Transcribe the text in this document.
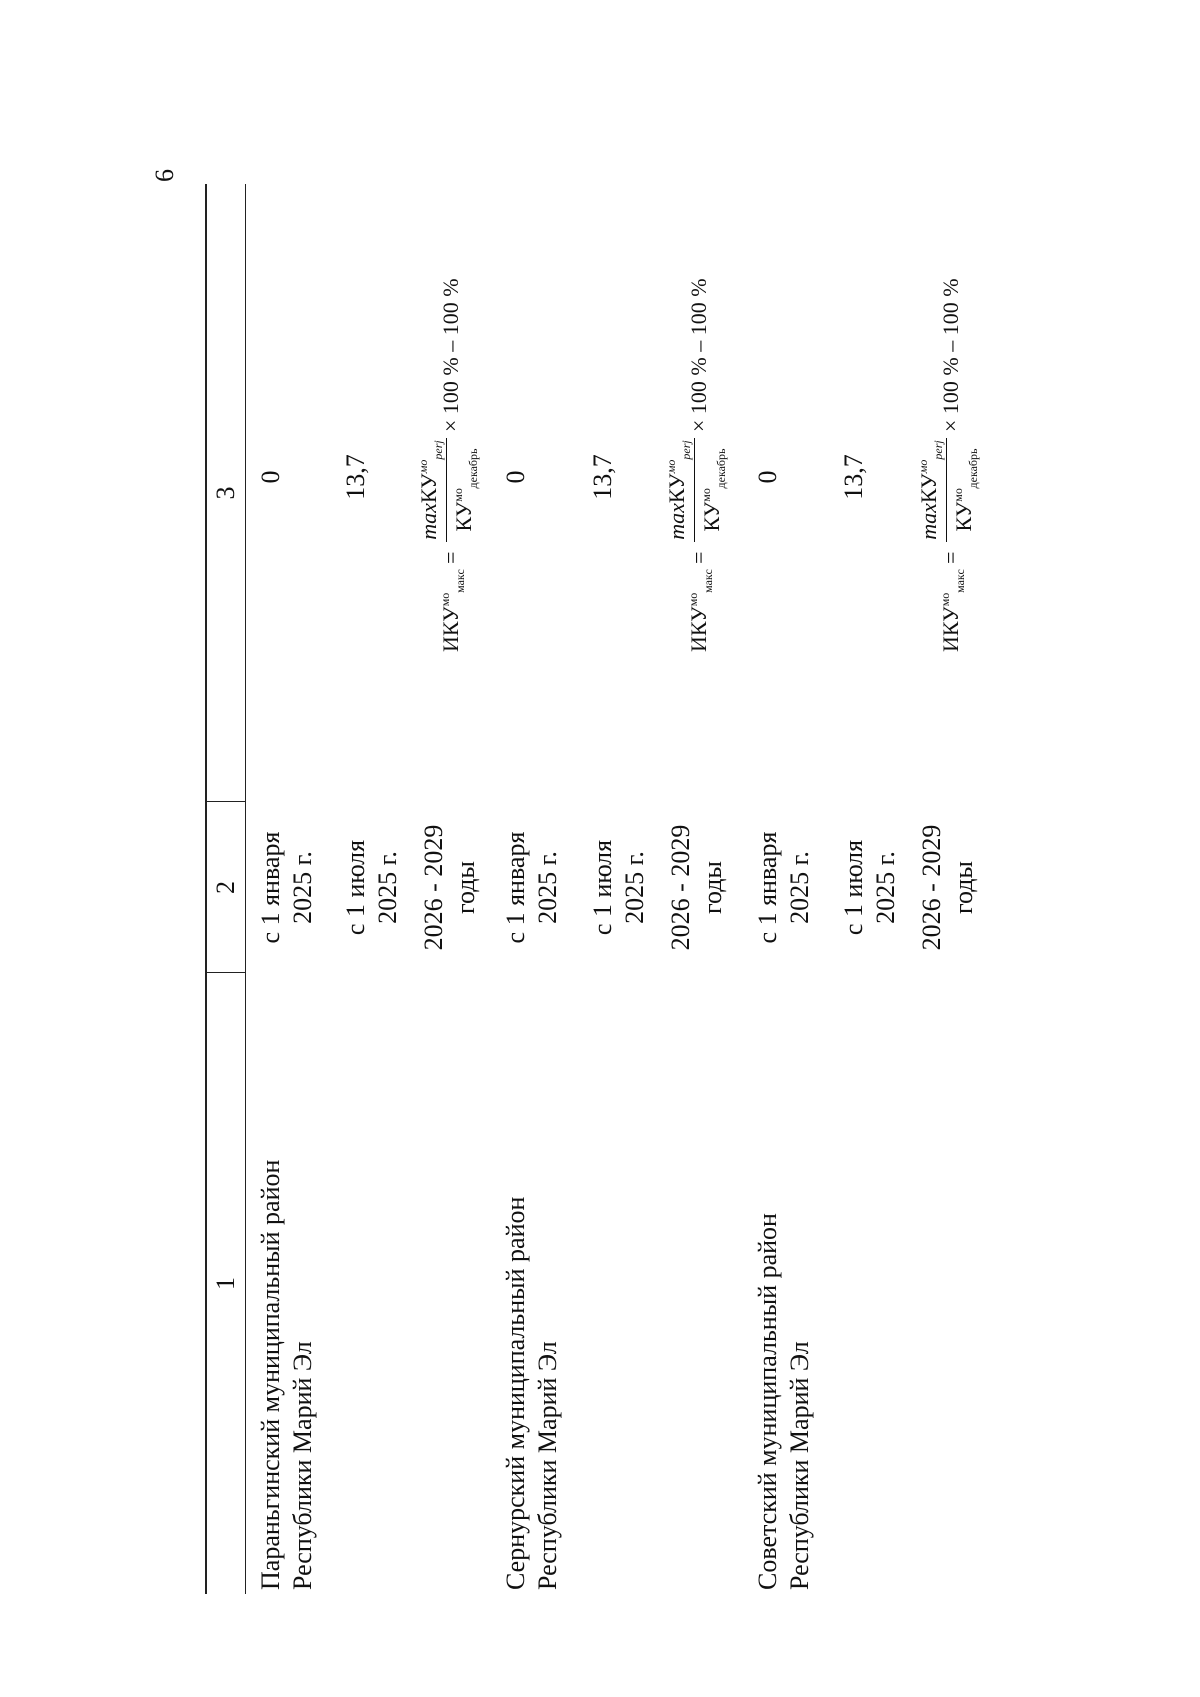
6
1
2
3
Параньгинский муниципальный район Республики Марий Эл
с 1 января 2025 г.
0
с 1 июля 2025 г.
13,7
2026 - 2029 годы
$ИКУ^{мо}_{макс}$
=
maxКУ$^{мо}_{perj}$
$КУ^{мо}_{декабрь}$
× 100 % – 100 %
Сернурский муниципальный район Республики Марий Эл
с 1 января 2025 г.
0
с 1 июля 2025 г.
13,7
2026 - 2029 годы
$ИКУ^{мо}_{макс}$
=
maxКУ$^{мо}_{perj}$
$КУ^{мо}_{декабрь}$
× 100 % – 100 %
Советский муниципальный район Республики Марий Эл
с 1 января 2025 г.
0
с 1 июля 2025 г.
13,7
2026 - 2029 годы
$ИКУ^{мо}_{макс}$
=
maxКУ$^{мо}_{perj}$
$КУ^{мо}_{декабрь}$
× 100 % – 100 %
